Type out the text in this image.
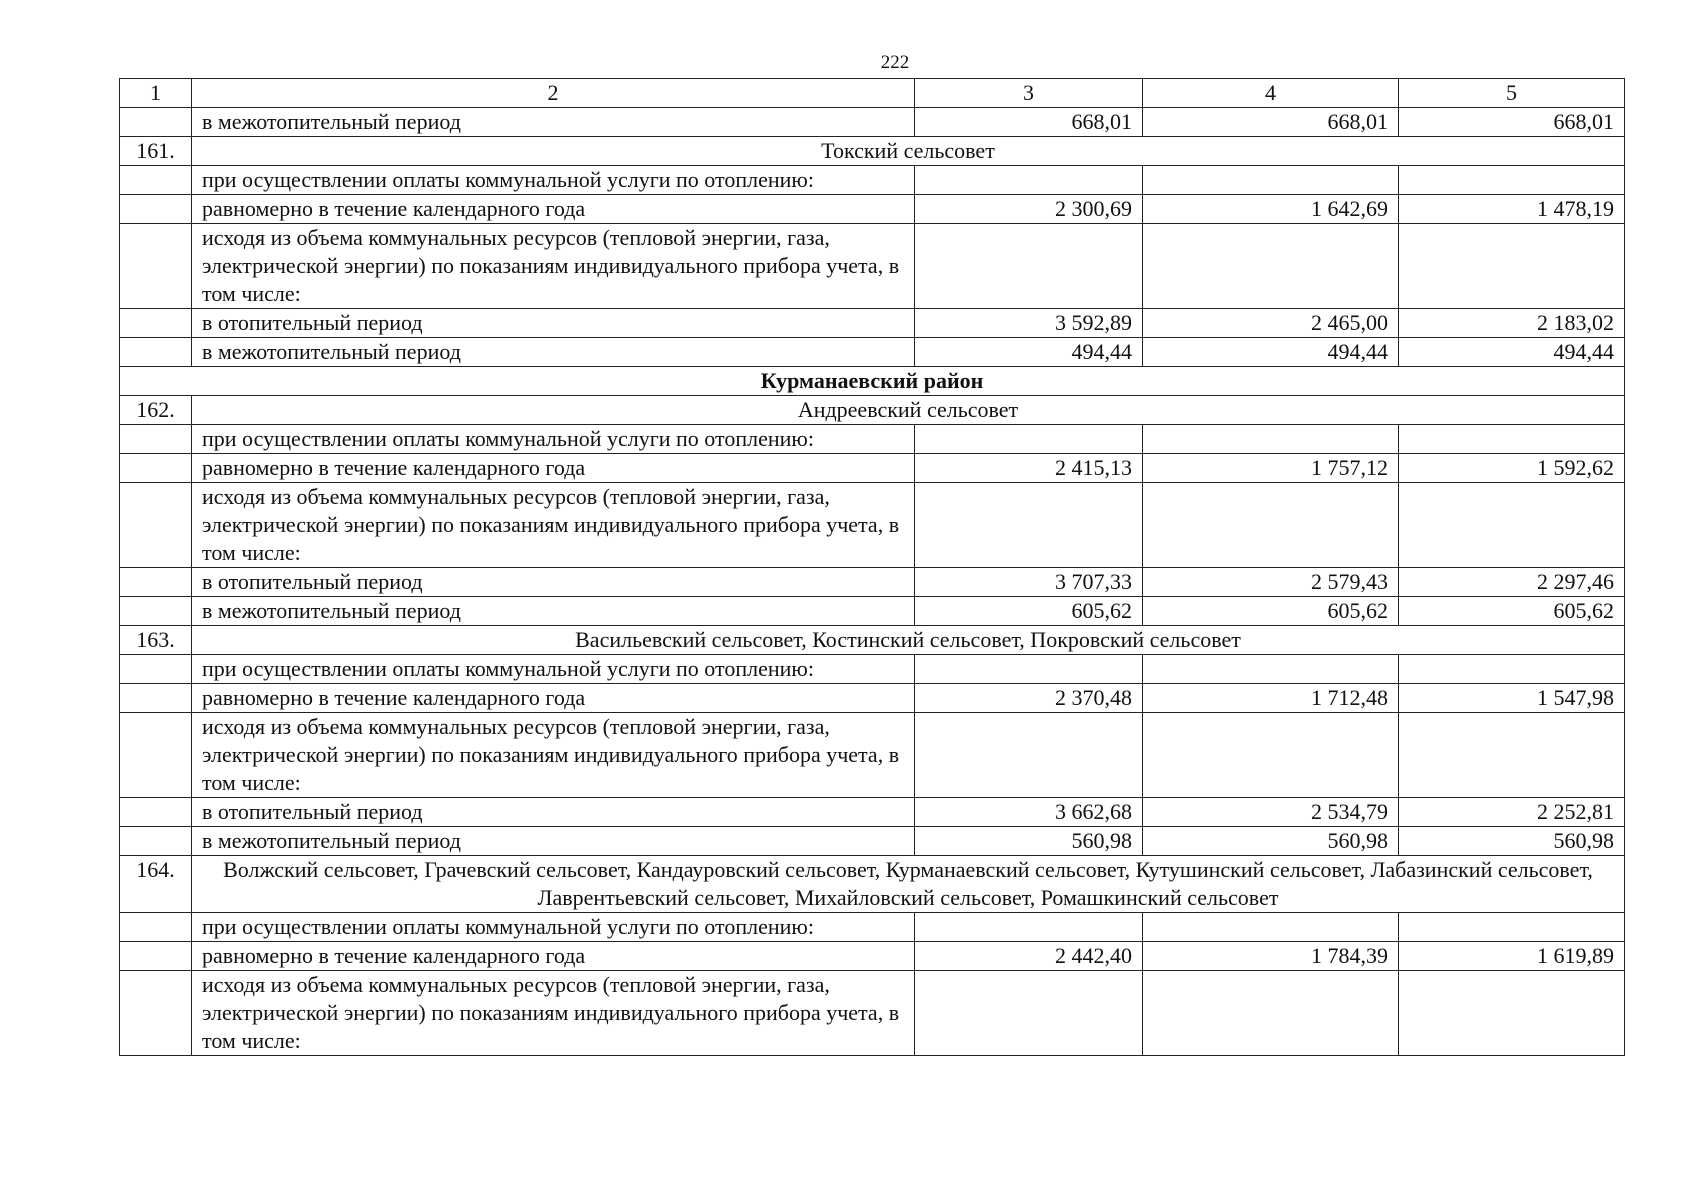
222
1	2	3	4	5
	в межотопительный период	668,01	668,01	668,01
161.	Токский сельсовет			
	при осуществлении оплаты коммунальной услуги по отоплению:			
	равномерно в течение календарного года	2 300,69	1 642,69	1 478,19
	исходя из объема коммунальных ресурсов (тепловой энергии, газа, электрической энергии) по показаниям индивидуального прибора учета, в том числе:			
	в отопительный период	3 592,89	2 465,00	2 183,02
	в межотопительный период	494,44	494,44	494,44
Курманаевский район				
162.	Андреевский сельсовет			
	при осуществлении оплаты коммунальной услуги по отоплению:			
	равномерно в течение календарного года	2 415,13	1 757,12	1 592,62
	исходя из объема коммунальных ресурсов (тепловой энергии, газа, электрической энергии) по показаниям индивидуального прибора учета, в том числе:			
	в отопительный период	3 707,33	2 579,43	2 297,46
	в межотопительный период	605,62	605,62	605,62
163.	Васильевский сельсовет, Костинский сельсовет, Покровский сельсовет			
	при осуществлении оплаты коммунальной услуги по отоплению:			
	равномерно в течение календарного года	2 370,48	1 712,48	1 547,98
	исходя из объема коммунальных ресурсов (тепловой энергии, газа, электрической энергии) по показаниям индивидуального прибора учета, в том числе:			
	в отопительный период	3 662,68	2 534,79	2 252,81
	в межотопительный период	560,98	560,98	560,98
164.	Волжский сельсовет, Грачевский сельсовет, Кандауровский сельсовет, Курманаевский сельсовет, Кутушинский сельсовет, Лабазинский сельсовет, Лаврентьевский сельсовет, Михайловский сельсовет, Ромашкинский сельсовет			
	при осуществлении оплаты коммунальной услуги по отоплению:			
	равномерно в течение календарного года	2 442,40	1 784,39	1 619,89
	исходя из объема коммунальных ресурсов (тепловой энергии, газа, электрической энергии) по показаниям индивидуального прибора учета, в том числе:			
